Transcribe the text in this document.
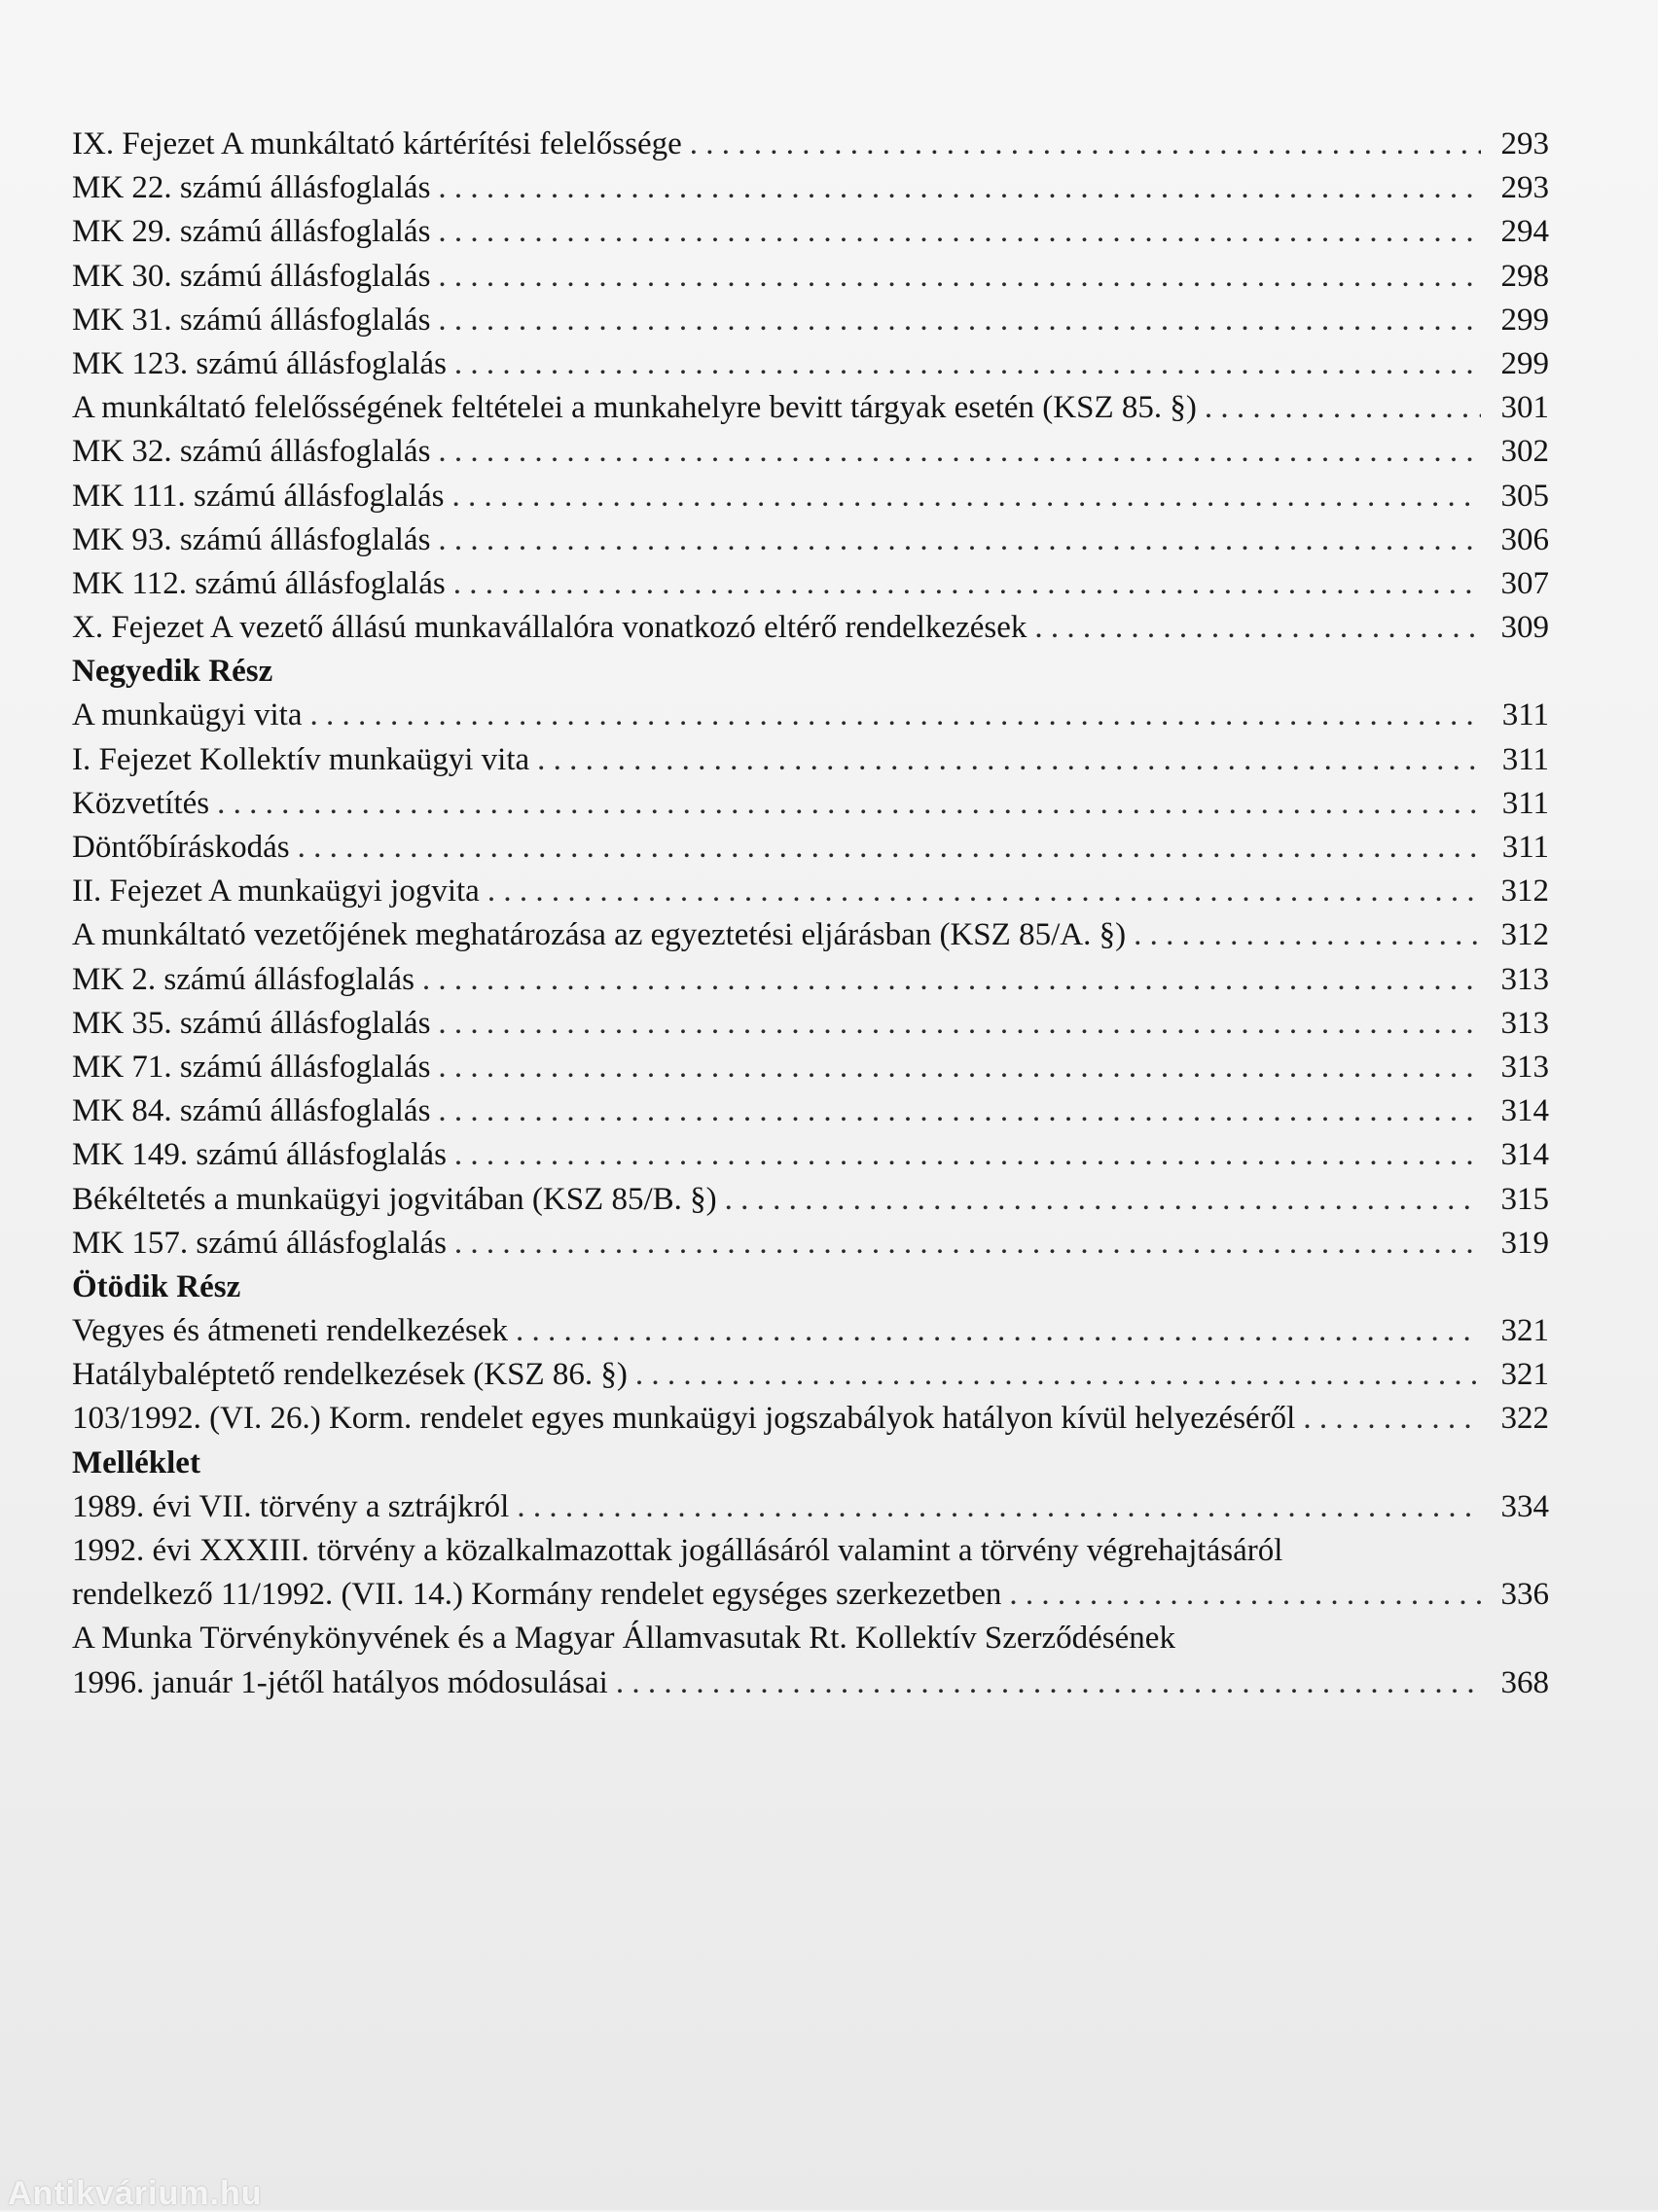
IX. Fejezet A munkáltató kártérítési felelőssége . . .	293
MK 22. számú állásfoglalás . . .	293
MK 29. számú állásfoglalás . . .	294
MK 30. számú állásfoglalás . . .	298
MK 31. számú állásfoglalás . . .	299
MK 123. számú állásfoglalás . . .	299
A munkáltató felelősségének feltételei a munkahelyre bevitt tárgyak esetén (KSZ 85. §) . . .	301
MK 32. számú állásfoglalás . . .	302
MK 111. számú állásfoglalás . . .	305
MK 93. számú állásfoglalás . . .	306
MK 112. számú állásfoglalás . . .	307
X. Fejezet A vezető állású munkavállalóra vonatkozó eltérő rendelkezések . . .	309
Negyedik Rész
A munkaügyi vita . . .	311
I. Fejezet Kollektív munkaügyi vita . . .	311
Közvetítés . . .	311
Döntőbíráskodás . . .	311
II. Fejezet A munkaügyi jogvita . . .	312
A munkáltató vezetőjének meghatározása az egyeztetési eljárásban (KSZ 85/A. §) . . .	312
MK 2. számú állásfoglalás . . .	313
MK 35. számú állásfoglalás . . .	313
MK 71. számú állásfoglalás . . .	313
MK 84. számú állásfoglalás . . .	314
MK 149. számú állásfoglalás . . .	314
Békéltetés a munkaügyi jogvitában (KSZ 85/B. §) . . .	315
MK 157. számú állásfoglalás . . .	319
Ötödik Rész
Vegyes és átmeneti rendelkezések . . .	321
Hatálybaléptető rendelkezések (KSZ 86. §) . . .	321
103/1992. (VI. 26.) Korm. rendelet egyes munkaügyi jogszabályok hatályon kívül helyezéséről . . .	322
Melléklet
1989. évi VII. törvény a sztrájkról . . .	334
1992. évi XXXIII. törvény a közalkalmazottak jogállásáról valamint a törvény végrehajtásáról
rendelkező 11/1992. (VII. 14.) Kormány rendelet egységes szerkezetben . . .	336
A Munka Törvénykönyvének és a Magyar Államvasutak Rt. Kollektív Szerződésének
1996. január 1-jétől hatályos módosulásai . . .	368
Antikvárium.hu
